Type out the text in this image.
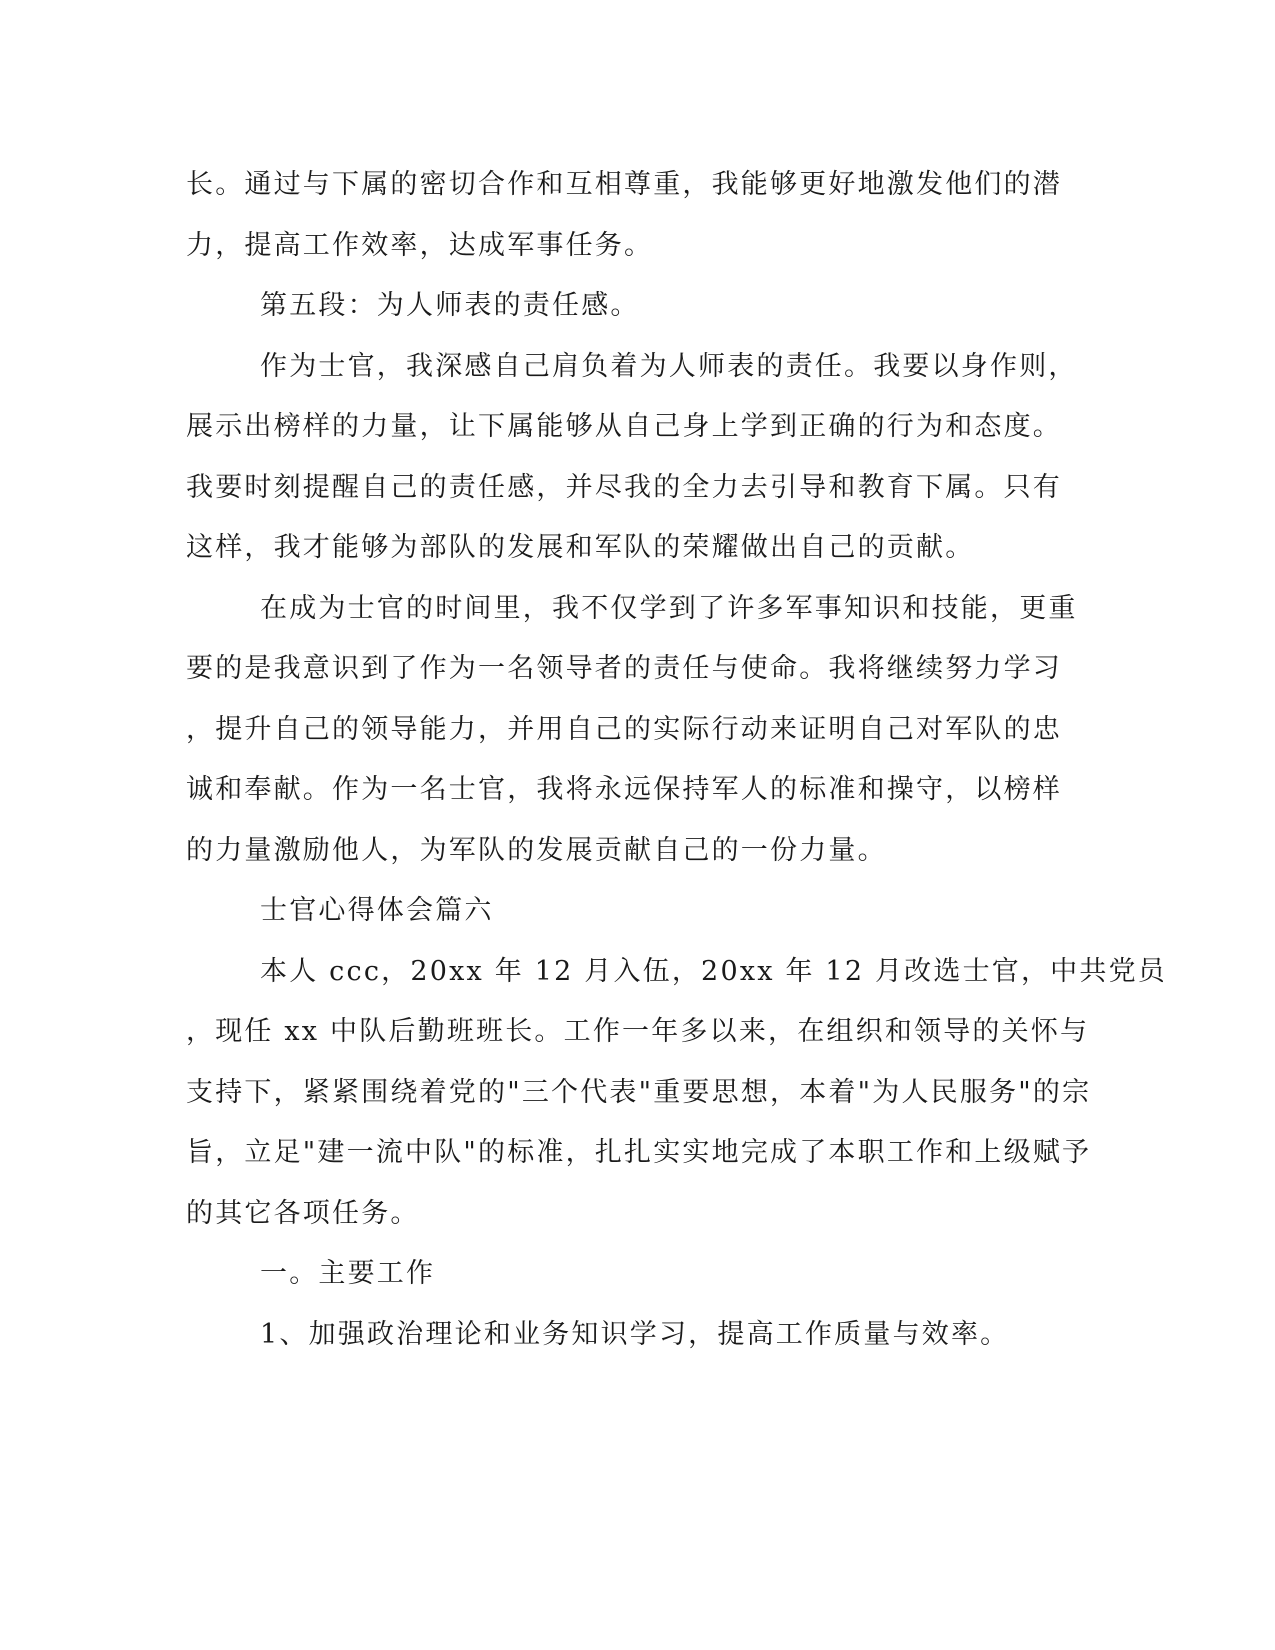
长。通过与下属的密切合作和互相尊重，我能够更好地激发他们的潜

力，提高工作效率，达成军事任务。

第五段：为人师表的责任感。

作为士官，我深感自己肩负着为人师表的责任。我要以身作则，

展示出榜样的力量，让下属能够从自己身上学到正确的行为和态度。

我要时刻提醒自己的责任感，并尽我的全力去引导和教育下属。只有

这样，我才能够为部队的发展和军队的荣耀做出自己的贡献。

在成为士官的时间里，我不仅学到了许多军事知识和技能，更重

要的是我意识到了作为一名领导者的责任与使命。我将继续努力学习

，提升自己的领导能力，并用自己的实际行动来证明自己对军队的忠

诚和奉献。作为一名士官，我将永远保持军人的标准和操守，以榜样

的力量激励他人，为军队的发展贡献自己的一份力量。

士官心得体会篇六

本人 ccc，20xx 年 12 月入伍，20xx 年 12 月改选士官，中共党员

，现任 xx 中队后勤班班长。工作一年多以来，在组织和领导的关怀与

支持下，紧紧围绕着党的"三个代表"重要思想，本着"为人民服务"的宗

旨，立足"建一流中队"的标准，扎扎实实地完成了本职工作和上级赋予

的其它各项任务。

一。主要工作

1、加强政治理论和业务知识学习，提高工作质量与效率。
